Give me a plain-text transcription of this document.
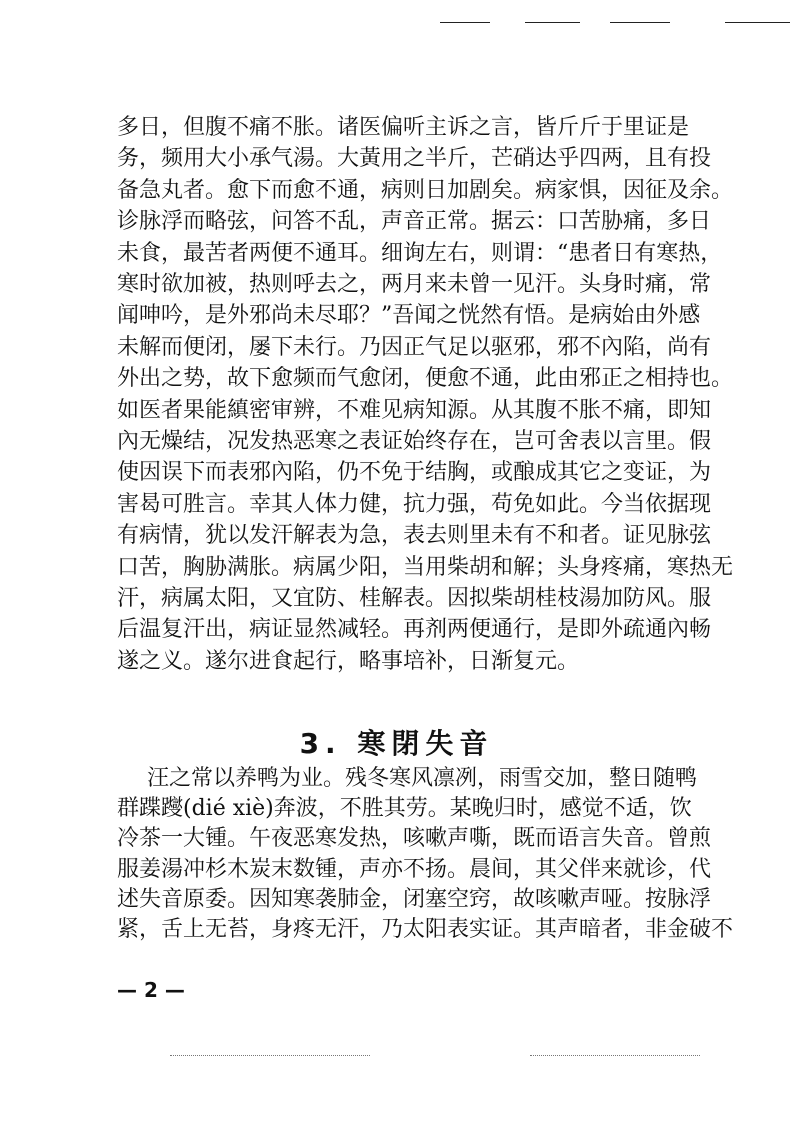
多日，但腹不痛不胀。诸医偏听主诉之言，皆斤斤于里证是
务，频用大小承气湯。大黃用之半斤，芒硝达乎四两，且有投
备急丸者。愈下而愈不通，病则日加剧矣。病家惧，因征及余。
诊脉浮而略弦，问答不乱，声音正常。据云：口苦胁痛，多日
未食，最苦者两便不通耳。细询左右，则谓：“患者日有寒热，
寒时欲加被，热则呼去之，两月来未曾一见汗。头身时痛，常
闻呻吟，是外邪尚未尽耶？”吾闻之恍然有悟。是病始由外感
未解而便闭，屡下未行。乃因正气足以驱邪，邪不內陷，尚有
外出之势，故下愈频而气愈闭，便愈不通，此由邪正之相持也。
如医者果能縝密审辨，不难见病知源。从其腹不胀不痛，即知
內无燥结，况发热恶寒之表证始终存在，岂可舍表以言里。假
使因误下而表邪內陷，仍不免于结胸，或酿成其它之变证，为
害曷可胜言。幸其人体力健，抗力强，苟免如此。今当依据现
有病情，犹以发汗解表为急，表去则里未有不和者。证见脉弦
口苦，胸胁满胀。病属少阳，当用柴胡和解；头身疼痛，寒热无
汗，病属太阳，又宜防、桂解表。因拟柴胡桂枝湯加防风。服
后温复汗出，病证显然减轻。再剂两便通行，是即外疏通內畅
遂之义。遂尔进食起行，略事培补，日渐复元。
3. 寒閉失音
汪之常以养鸭为业。残冬寒风凛冽，雨雪交加，整日随鸭
群蹀躞(dié xiè)奔波，不胜其劳。某晚归时，感觉不适，饮
冷茶一大锺。午夜恶寒发热，咳嗽声嘶，既而语言失音。曾煎
服姜湯冲杉木炭末数锺，声亦不扬。晨间，其父伴来就诊，代
述失音原委。因知寒袭肺金，闭塞空窍，故咳嗽声哑。按脉浮
紧，舌上无苔，身疼无汗，乃太阳表实证。其声暗者，非金破不
— 2 —
